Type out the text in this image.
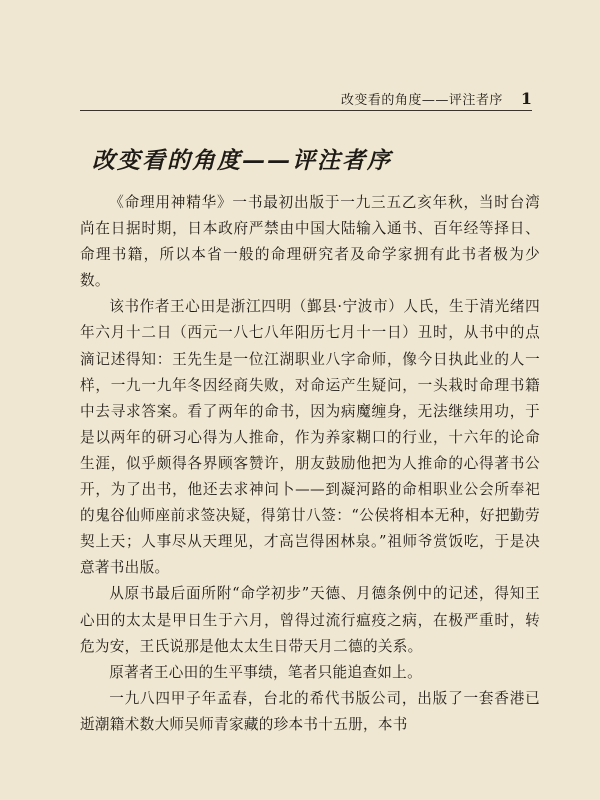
改变看的角度——评注者序 1
改变看的角度——评注者序

《命理用神精华》一书最初出版于一九三五乙亥年秋，当时台湾尚在日据时期，日本政府严禁由中国大陆输入通书、百年经等择日、命理书籍，所以本省一般的命理研究者及命学家拥有此书者极为少数。

该书作者王心田是浙江四明（鄞县·宁波市）人氏，生于清光绪四年六月十二日（西元一八七八年阳历七月十一日）丑时，从书中的点滴记述得知：王先生是一位江湖职业八字命师，像今日执此业的人一样，一九一九年冬因经商失败，对命运产生疑问，一头栽时命理书籍中去寻求答案。看了两年的命书，因为病魔缠身，无法继续用功，于是以两年的研习心得为人推命，作为养家糊口的行业，十六年的论命生涯，似乎颇得各界顾客赞许，朋友鼓励他把为人推命的心得著书公开，为了出书，他还去求神问卜——到凝河路的命相职业公会所奉祀的鬼谷仙师座前求签决疑，得第廿八签：“公侯将相本无种，好把勤劳契上天；人事尽从天理见，才高岂得困林泉。”祖师爷赏饭吃，于是决意著书出版。

从原书最后面所附“命学初步”天德、月德条例中的记述，得知王心田的太太是甲日生于六月，曾得过流行瘟疫之病，在极严重时，转危为安，王氏说那是他太太生日带天月二德的关系。

原著者王心田的生平事绩，笔者只能追查如上。

一九八四甲子年孟春，台北的希代书版公司，出版了一套香港已逝潮籍术数大师吴师青家藏的珍本书十五册，本书
